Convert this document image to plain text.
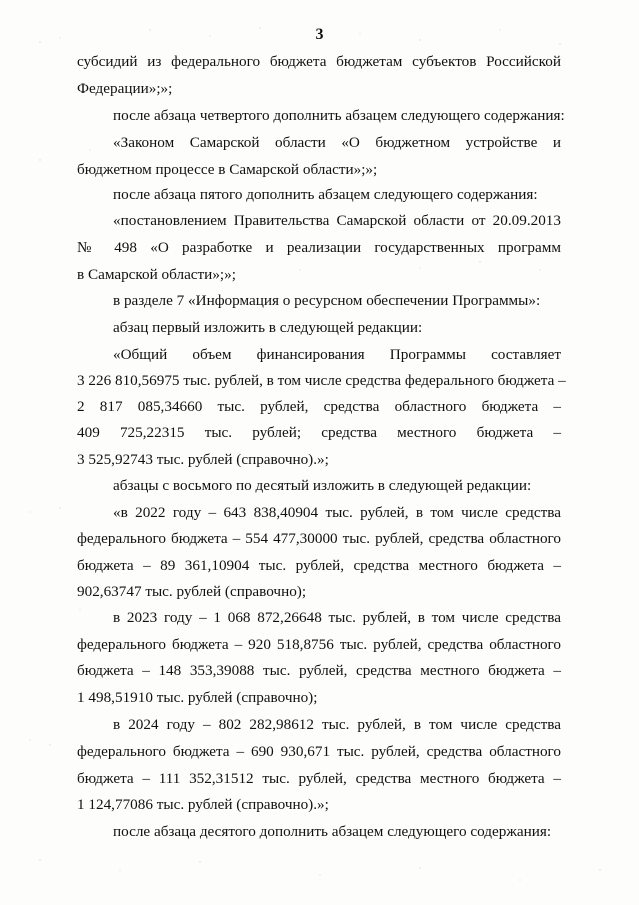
3
субсидий из федерального бюджета бюджетам субъектов Российской
Федерации»;»;
после абзаца четвертого дополнить абзацем следующего содержания:
«Законом Самарской области «О бюджетном устройстве и
бюджетном процессе в Самарской области»;»;
после абзаца пятого дополнить абзацем следующего содержания:
«постановлением Правительства Самарской области от 20.09.2013
№ 498 «О разработке и реализации государственных программ
в Самарской области»;»;
в разделе 7 «Информация о ресурсном обеспечении Программы»:
абзац первый изложить в следующей редакции:
«Общий объем финансирования Программы составляет
3 226 810,56975 тыс. рублей, в том числе средства федерального бюджета –
2 817 085,34660 тыс. рублей, средства областного бюджета –
409 725,22315 тыс. рублей; средства местного бюджета –
3 525,92743 тыс. рублей (справочно).»;
абзацы с восьмого по десятый изложить в следующей редакции:
«в 2022 году – 643 838,40904 тыс. рублей, в том числе средства
федерального бюджета – 554 477,30000 тыс. рублей, средства областного
бюджета – 89 361,10904 тыс. рублей, средства местного бюджета –
902,63747 тыс. рублей (справочно);
в 2023 году – 1 068 872,26648 тыс. рублей, в том числе средства
федерального бюджета – 920 518,8756 тыс. рублей, средства областного
бюджета – 148 353,39088 тыс. рублей, средства местного бюджета –
1 498,51910 тыс. рублей (справочно);
в 2024 году – 802 282,98612 тыс. рублей, в том числе средства
федерального бюджета – 690 930,671 тыс. рублей, средства областного
бюджета – 111 352,31512 тыс. рублей, средства местного бюджета –
1 124,77086 тыс. рублей (справочно).»;
после абзаца десятого дополнить абзацем следующего содержания:
